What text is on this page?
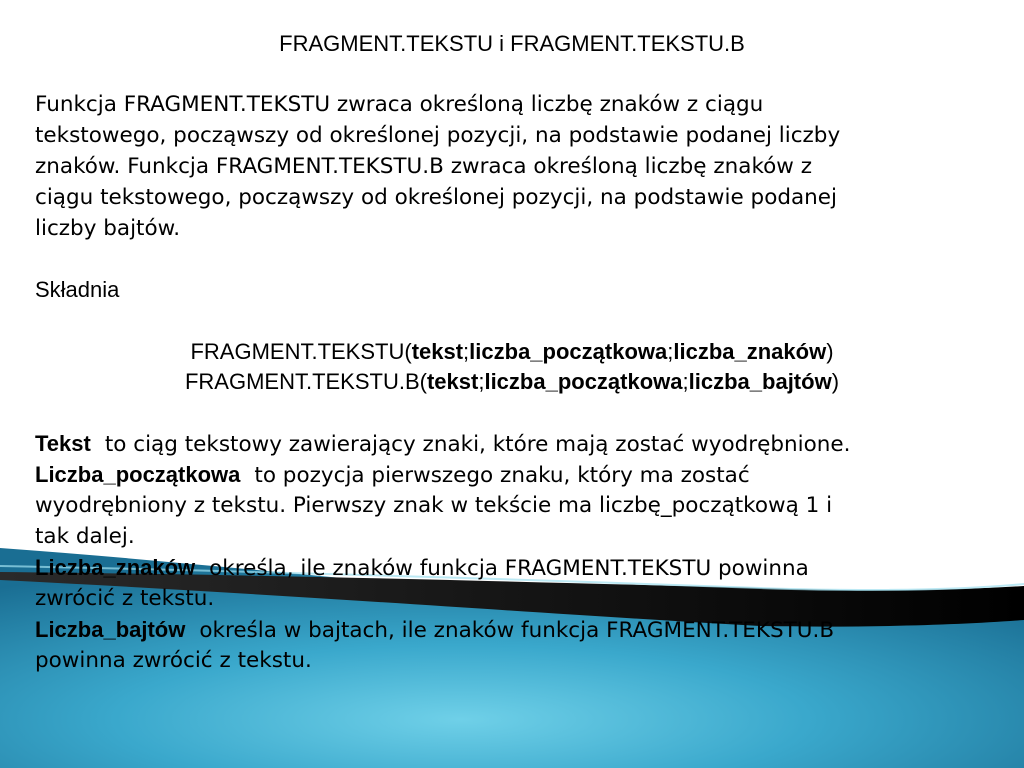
FRAGMENT.TEKSTU i FRAGMENT.TEKSTU.B
Funkcja FRAGMENT.TEKSTU zwraca określoną liczbę znaków z ciągu
tekstowego, począwszy od określonej pozycji, na podstawie podanej liczby
znaków. Funkcja FRAGMENT.TEKSTU.B zwraca określoną liczbę znaków z
ciągu tekstowego, począwszy od określonej pozycji, na podstawie podanej
liczby bajtów.
Składnia
FRAGMENT.TEKSTU(tekst;liczba_początkowa;liczba_znaków)
FRAGMENT.TEKSTU.B(tekst;liczba_początkowa;liczba_bajtów)
Tekst to ciąg tekstowy zawierający znaki, które mają zostać wyodrębnione.
Liczba_początkowa to pozycja pierwszego znaku, który ma zostać
wyodrębniony z tekstu. Pierwszy znak w tekście ma liczbę_początkową 1 i
tak dalej.
Liczba_znaków określa, ile znaków funkcja FRAGMENT.TEKSTU powinna
zwrócić z tekstu.
Liczba_bajtów określa w bajtach, ile znaków funkcja FRAGMENT.TEKSTU.B
powinna zwrócić z tekstu.
